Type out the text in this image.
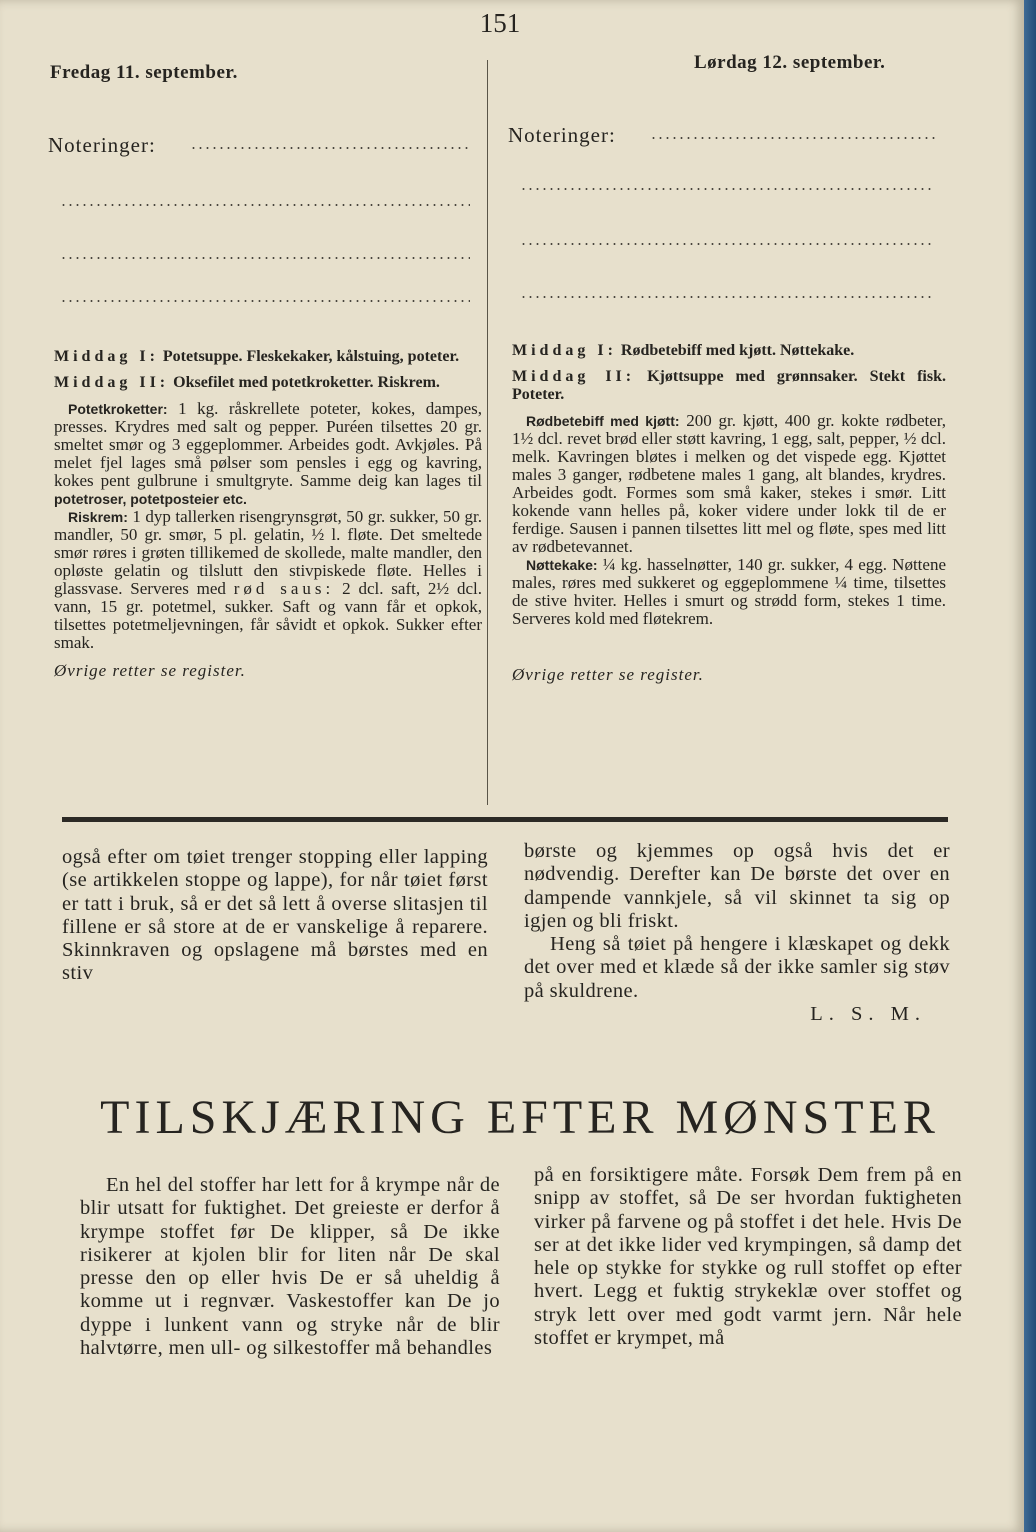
151
Fredag 11. september.
Noteringer:

Middag I: Potetsuppe. Fleskekaker, kålstuing, poteter.

Middag II: Oksefilet med potetkroketter. Riskrem.

Potetkroketter: 1 kg. råskrellete poteter, kokes, dampes, presses. Krydres med salt og pepper. Puréen tilsettes 20 gr. smeltet smør og 3 eggeplommer. Arbeides godt. Avkjøles. På melet fjel lages små pølser som pensles i egg og kavring, kokes pent gulbrune i smultgryte. Samme deig kan lages til potetroser, potetposteier etc.

Riskrem: 1 dyp tallerken risengrynsgrøt, 50 gr. sukker, 50 gr. mandler, 50 gr. smør, 5 pl. gelatin, ½ l. fløte. Det smeltede smør røres i grøten tillikemed de skollede, malte mandler, den opløste gelatin og tilslutt den stivpiskede fløte. Helles i glassvase. Serveres med rød saus: 2 dcl. saft, 2½ dcl. vann, 15 gr. potetmel, sukker. Saft og vann får et opkok, tilsettes potetmeljevningen, får såvidt et opkok. Sukker efter smak.

Øvrige retter se register.

Lørdag 12. september.
Noteringer:

Middag I: Rødbetebiff med kjøtt. Nøttekake.

Middag II: Kjøttsuppe med grønnsaker. Stekt fisk. Poteter.

Rødbetebiff med kjøtt: 200 gr. kjøtt, 400 gr. kokte rødbeter, 1½ dcl. revet brød eller støtt kavring, 1 egg, salt, pepper, ½ dcl. melk. Kavringen bløtes i melken og det vispede egg. Kjøttet males 3 ganger, rødbetene males 1 gang, alt blandes, krydres. Arbeides godt. Formes som små kaker, stekes i smør. Litt kokende vann helles på, koker videre under lokk til de er ferdige. Sausen i pannen tilsettes litt mel og fløte, spes med litt av rødbetevannet.

Nøttekake: ¼ kg. hasselnøtter, 140 gr. sukker, 4 egg. Nøttene males, røres med sukkeret og eggeplommene ¼ time, tilsettes de stive hviter. Helles i smurt og strødd form, stekes 1 time. Serveres kold med fløtekrem.

Øvrige retter se register.

også efter om tøiet trenger stopping eller lapping (se artikkelen stoppe og lappe), for når tøiet først er tatt i bruk, så er det så lett å overse slitasjen til fillene er så store at de er vanskelige å reparere. Skinnkraven og opslagene må børstes med en stiv

børste og kjemmes op også hvis det er nødvendig. Derefter kan De børste det over en dampende vannkjele, så vil skinnet ta sig op igjen og bli friskt.

Heng så tøiet på hengere i klæskapet og dekk det over med et klæde så der ikke samler sig støv på skuldrene.

L. S. M.

TILSKJÆRING EFTER MØNSTER

En hel del stoffer har lett for å krympe når de blir utsatt for fuktighet. Det greieste er derfor å krympe stoffet før De klipper, så De ikke risikerer at kjolen blir for liten når De skal presse den op eller hvis De er så uheldig å komme ut i regnvær. Vaskestoffer kan De jo dyppe i lunkent vann og stryke når de blir halvtørre, men ull- og silkestoffer må behandles

på en forsiktigere måte. Forsøk Dem frem på en snipp av stoffet, så De ser hvordan fuktigheten virker på farvene og på stoffet i det hele. Hvis De ser at det ikke lider ved krympingen, så damp det hele op stykke for stykke og rull stoffet op efter hvert. Legg et fuktig strykeklæ over stoffet og stryk lett over med godt varmt jern. Når hele stoffet er krympet, må
